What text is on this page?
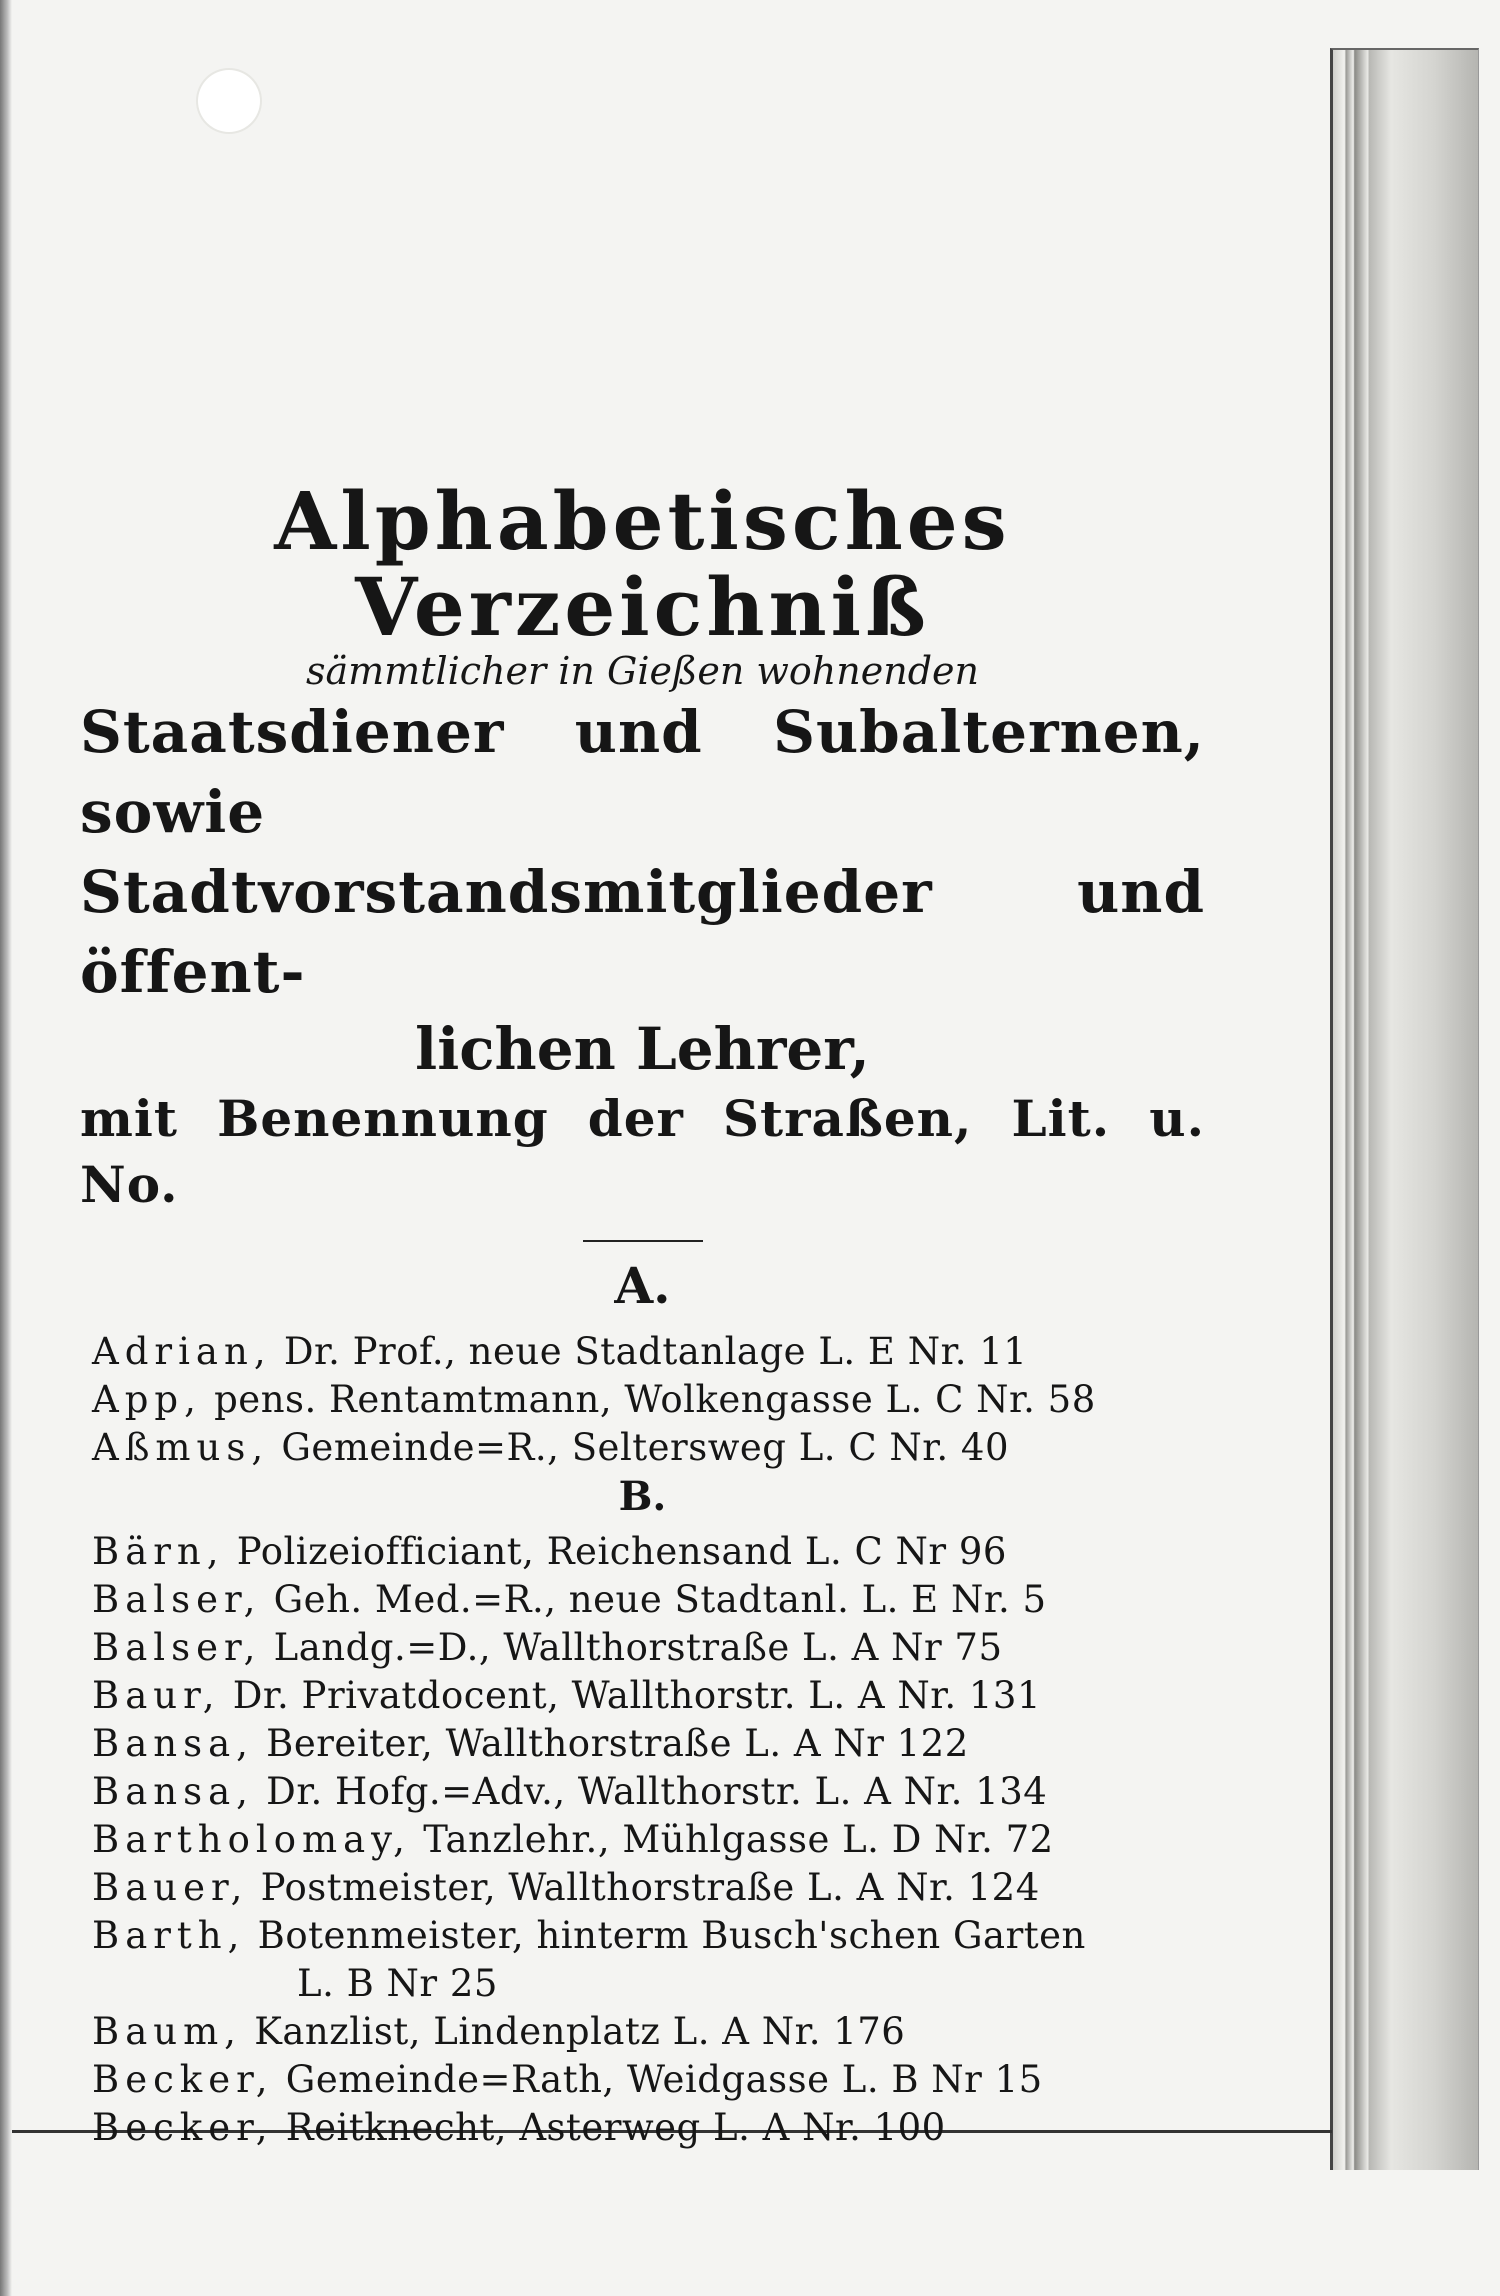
Alphabetisches Verzeichniß

sämmtlicher in Gießen wohnenden

Staatsdiener und Subalternen, sowie

Stadtvorstandsmitglieder und öffent-

lichen Lehrer,

mit Benennung der Straßen, Lit. u. No.

A.

Adrian, Dr. Prof., neue Stadtanlage L. E Nr. 11
App, pens. Rentamtmann, Wolkengasse L. C Nr. 58
Aßmus, Gemeinde=R., Seltersweg L. C Nr. 40

B.

Bärn, Polizeiofficiant, Reichensand L. C Nr 96
Balser, Geh. Med.=R., neue Stadtanl. L. E Nr. 5
Balser, Landg.=D., Wallthorstraße L. A Nr 75
Baur, Dr. Privatdocent, Wallthorstr. L. A Nr. 131
Bansa, Bereiter, Wallthorstraße L. A Nr 122
Bansa, Dr. Hofg.=Adv., Wallthorstr. L. A Nr. 134
Bartholomay, Tanzlehr., Mühlgasse L. D Nr. 72
Bauer, Postmeister, Wallthorstraße L. A Nr. 124
Barth, Botenmeister, hinterm Busch'schen Garten
L. B Nr 25
Baum, Kanzlist, Lindenplatz L. A Nr. 176
Becker, Gemeinde=Rath, Weidgasse L. B Nr 15
Becker, Reitknecht, Asterweg L. A Nr. 100
